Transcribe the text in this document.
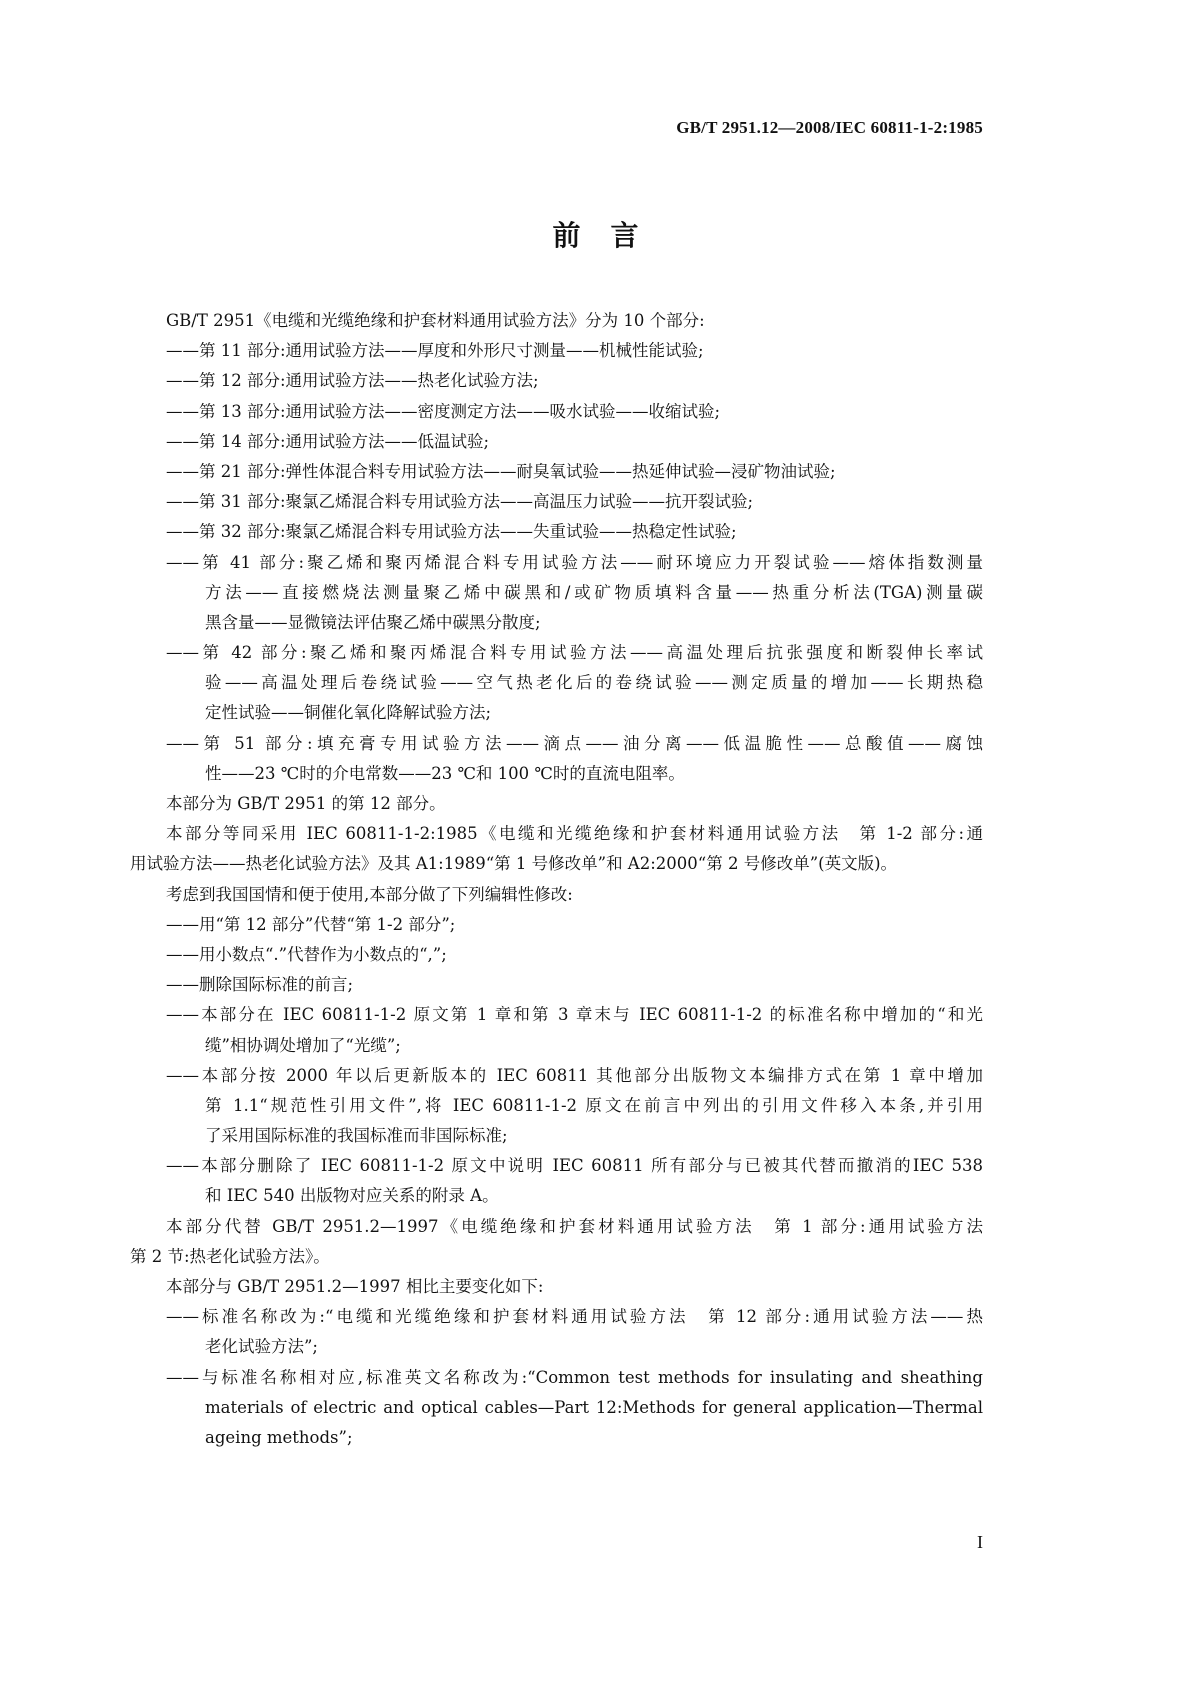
GB/T 2951.12—2008/IEC 60811-1-2:1985
前言
GB/T 2951《电缆和光缆绝缘和护套材料通用试验方法》分为 10 个部分:
——第 11 部分:通用试验方法——厚度和外形尺寸测量——机械性能试验;
——第 12 部分:通用试验方法——热老化试验方法;
——第 13 部分:通用试验方法——密度测定方法——吸水试验——收缩试验;
——第 14 部分:通用试验方法——低温试验;
——第 21 部分:弹性体混合料专用试验方法——耐臭氧试验——热延伸试验—浸矿物油试验;
——第 31 部分:聚氯乙烯混合料专用试验方法——高温压力试验——抗开裂试验;
——第 32 部分:聚氯乙烯混合料专用试验方法——失重试验——热稳定性试验;
——第 41 部分:聚乙烯和聚丙烯混合料专用试验方法——耐环境应力开裂试验——熔体指数测量
方法——直接燃烧法测量聚乙烯中碳黑和/或矿物质填料含量——热重分析法(TGA)测量碳
黑含量——显微镜法评估聚乙烯中碳黑分散度;
——第 42 部分:聚乙烯和聚丙烯混合料专用试验方法——高温处理后抗张强度和断裂伸长率试
验——高温处理后卷绕试验——空气热老化后的卷绕试验——测定质量的增加——长期热稳
定性试验——铜催化氧化降解试验方法;
——第 51 部分:填充膏专用试验方法——滴点——油分离——低温脆性——总酸值——腐蚀
性——23 ℃时的介电常数——23 ℃和 100 ℃时的直流电阻率。
本部分为 GB/T 2951 的第 12 部分。
本部分等同采用 IEC 60811-1-2:1985《电缆和光缆绝缘和护套材料通用试验方法　第 1-2 部分:通
用试验方法——热老化试验方法》及其 A1:1989“第 1 号修改单”和 A2:2000“第 2 号修改单”(英文版)。
考虑到我国国情和便于使用,本部分做了下列编辑性修改:
——用“第 12 部分”代替“第 1-2 部分”;
——用小数点“.”代替作为小数点的“,”;
——删除国际标准的前言;
——本部分在 IEC 60811-1-2 原文第 1 章和第 3 章末与 IEC 60811-1-2 的标准名称中增加的“和光
缆”相协调处增加了“光缆”;
——本部分按 2000 年以后更新版本的 IEC 60811 其他部分出版物文本编排方式在第 1 章中增加
第 1.1“规范性引用文件”,将 IEC 60811-1-2 原文在前言中列出的引用文件移入本条,并引用
了采用国际标准的我国标准而非国际标准;
——本部分删除了 IEC 60811-1-2 原文中说明 IEC 60811 所有部分与已被其代替而撤消的IEC 538
和 IEC 540 出版物对应关系的附录 A。
本部分代替 GB/T 2951.2—1997《电缆绝缘和护套材料通用试验方法　第 1 部分:通用试验方法
第 2 节:热老化试验方法》。
本部分与 GB/T 2951.2—1997 相比主要变化如下:
——标准名称改为:“电缆和光缆绝缘和护套材料通用试验方法　第 12 部分:通用试验方法——热
老化试验方法”;
——与标准名称相对应,标准英文名称改为:“Common test methods for insulating and sheathing
materials of electric and optical cables—Part 12:Methods for general application—Thermal
ageing methods”;
I
